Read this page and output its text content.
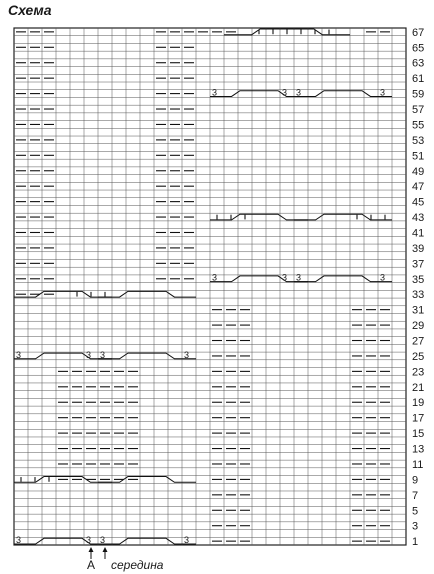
Схема
67
65
63
61
59
57
55
53
51
49
47
45
43
41
39
37
35
33
31
29
27
25
23
21
19
17
15
13
11
9
7
5
3
1
3	3 3	3
3	3 3	3
3	3 3	3
3	3 3	3
А середина
